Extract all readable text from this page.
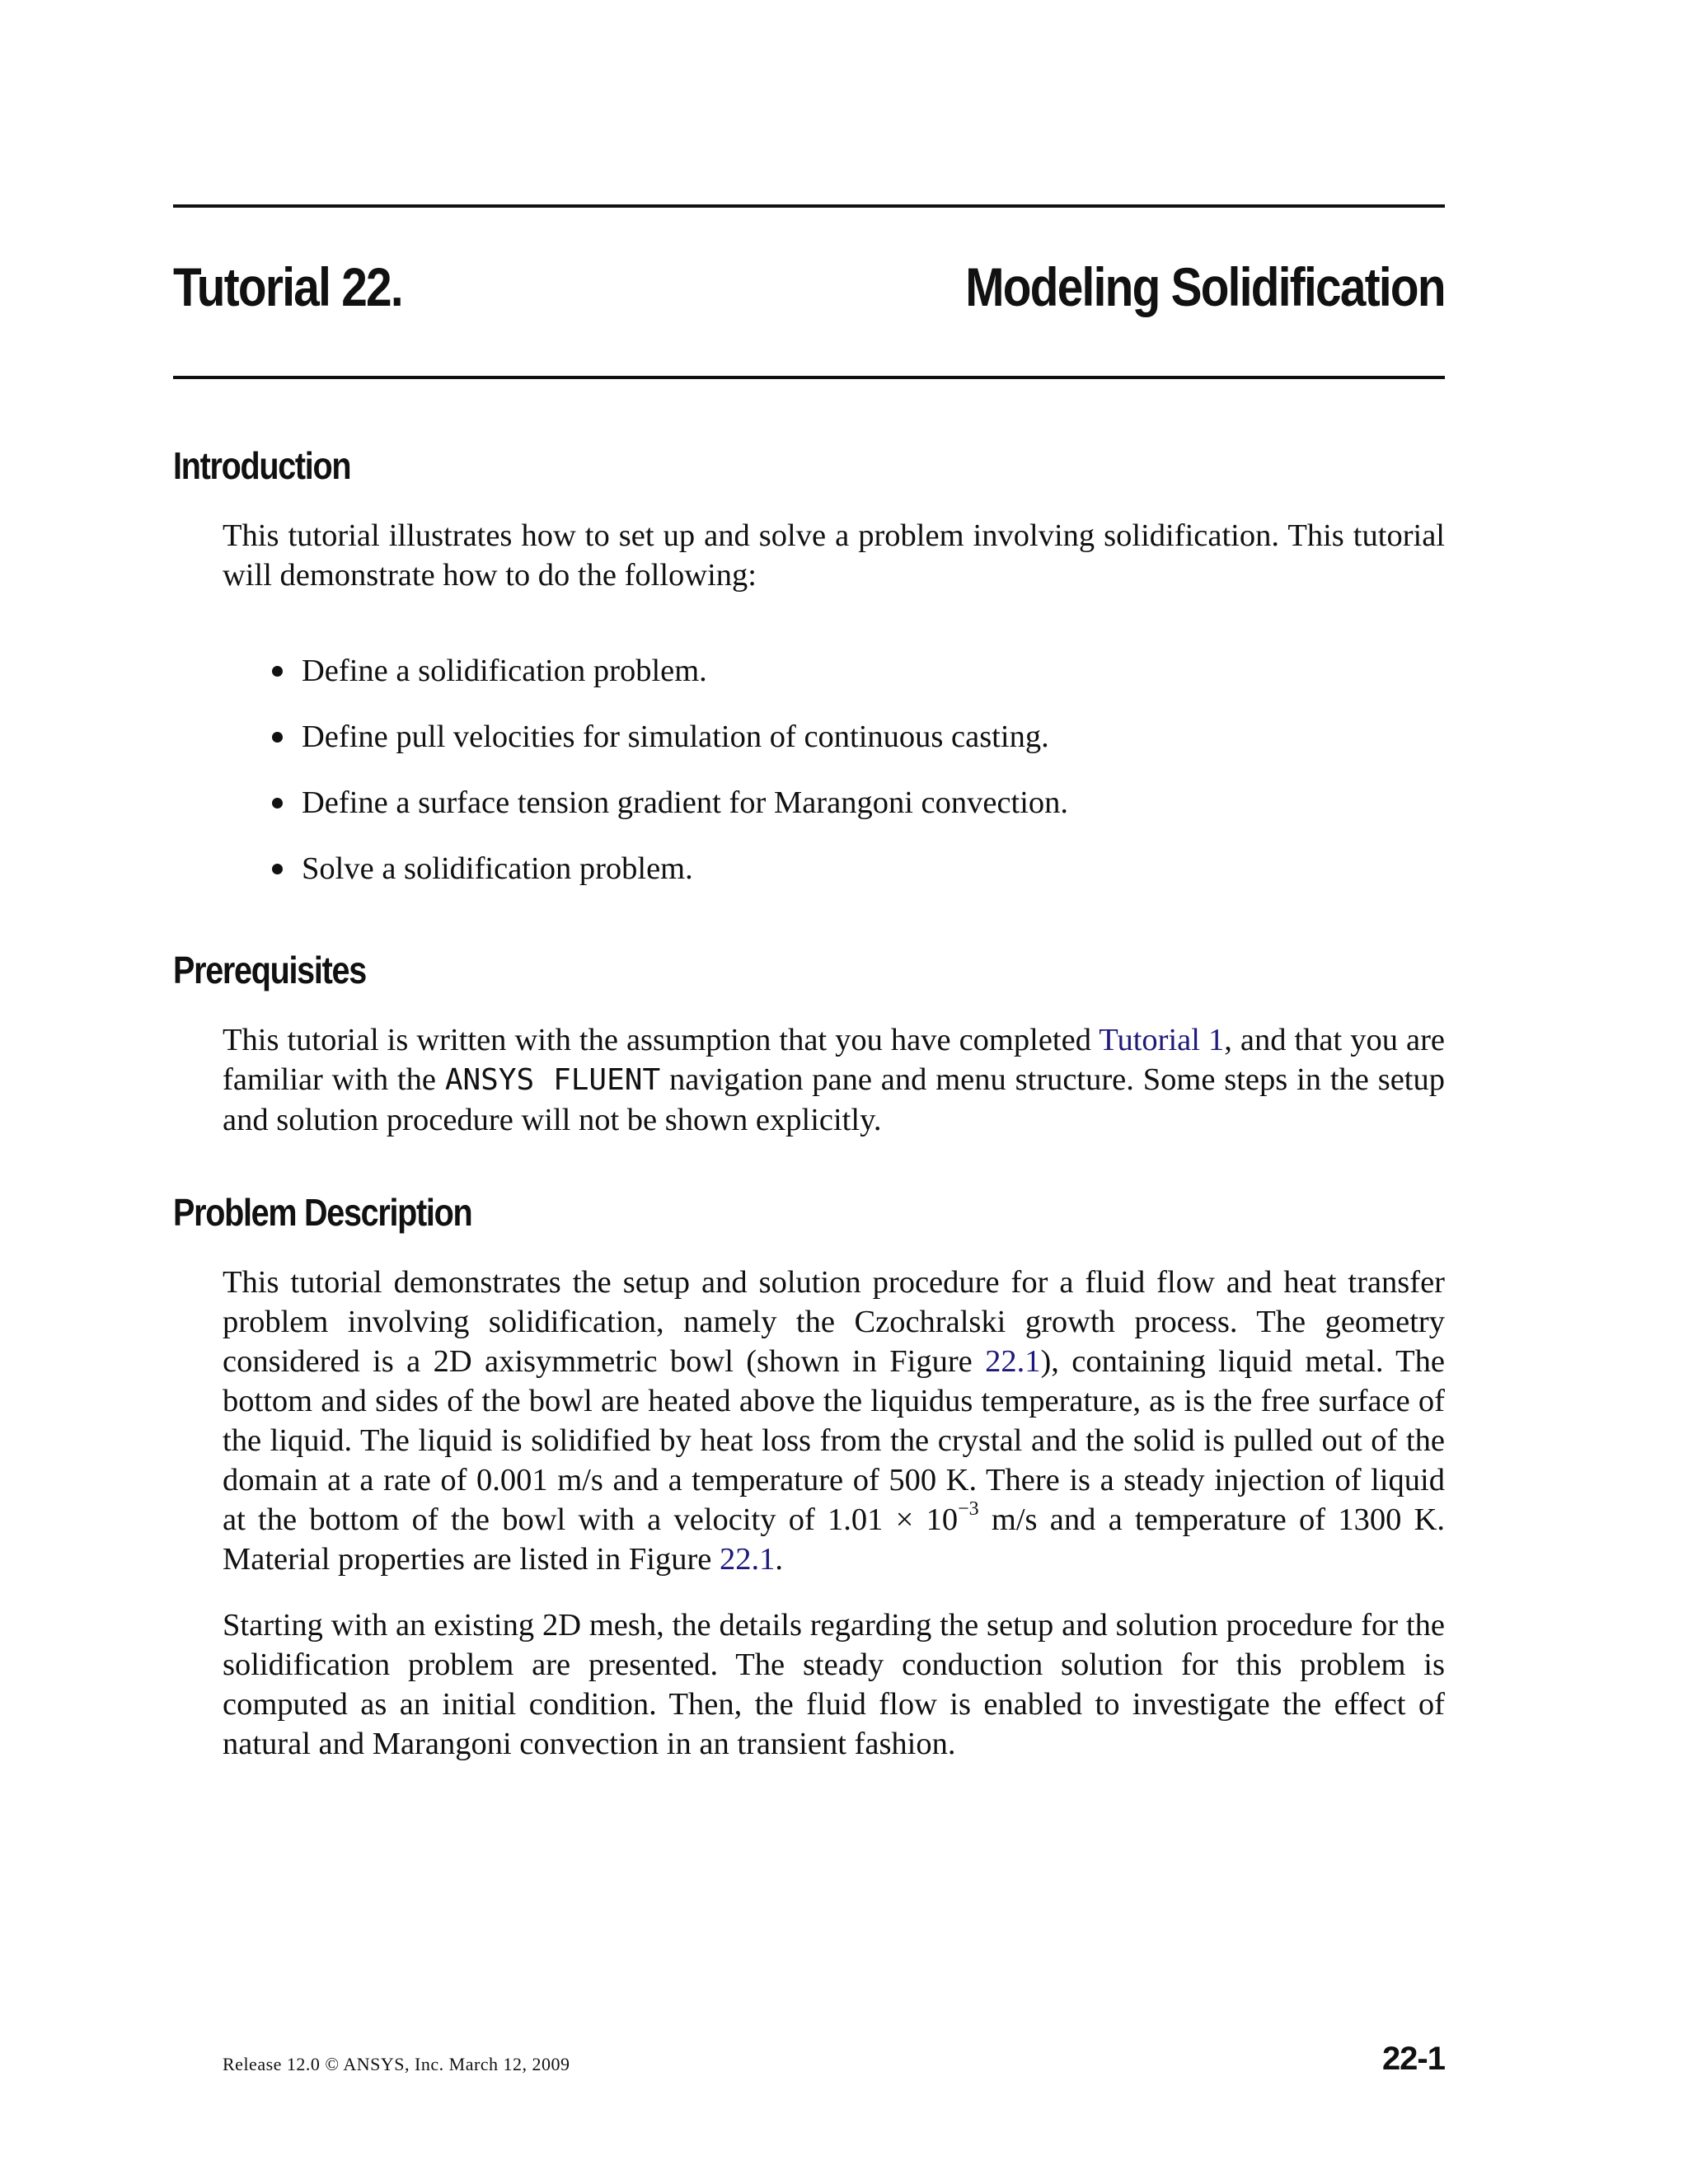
Tutorial 22.	Modeling Solidification
Introduction

This tutorial illustrates how to set up and solve a problem involving solidification. This tutorial will demonstrate how to do the following:

Define a solidification problem.
Define pull velocities for simulation of continuous casting.
Define a surface tension gradient for Marangoni convection.
Solve a solidification problem.
Prerequisites

This tutorial is written with the assumption that you have completed Tutorial 1, and that you are familiar with the ANSYS FLUENT navigation pane and menu structure. Some steps in the setup and solution procedure will not be shown explicitly.

Problem Description

This tutorial demonstrates the setup and solution procedure for a fluid flow and heat transfer problem involving solidification, namely the Czochralski growth process. The geometry considered is a 2D axisymmetric bowl (shown in Figure 22.1), containing liquid metal. The bottom and sides of the bowl are heated above the liquidus temperature, as is the free surface of the liquid. The liquid is solidified by heat loss from the crystal and the solid is pulled out of the domain at a rate of 0.001 m/s and a temperature of 500 K. There is a steady injection of liquid at the bottom of the bowl with a velocity of $1.01 \times 10^{-3}$ m/s and a temperature of 1300 K. Material properties are listed in Figure 22.1.

Starting with an existing 2D mesh, the details regarding the setup and solution procedure for the solidification problem are presented. The steady conduction solution for this problem is computed as an initial condition. Then, the fluid flow is enabled to investigate the effect of natural and Marangoni convection in an transient fashion.

Release 12.0 © ANSYS, Inc. March 12, 2009	22-1
